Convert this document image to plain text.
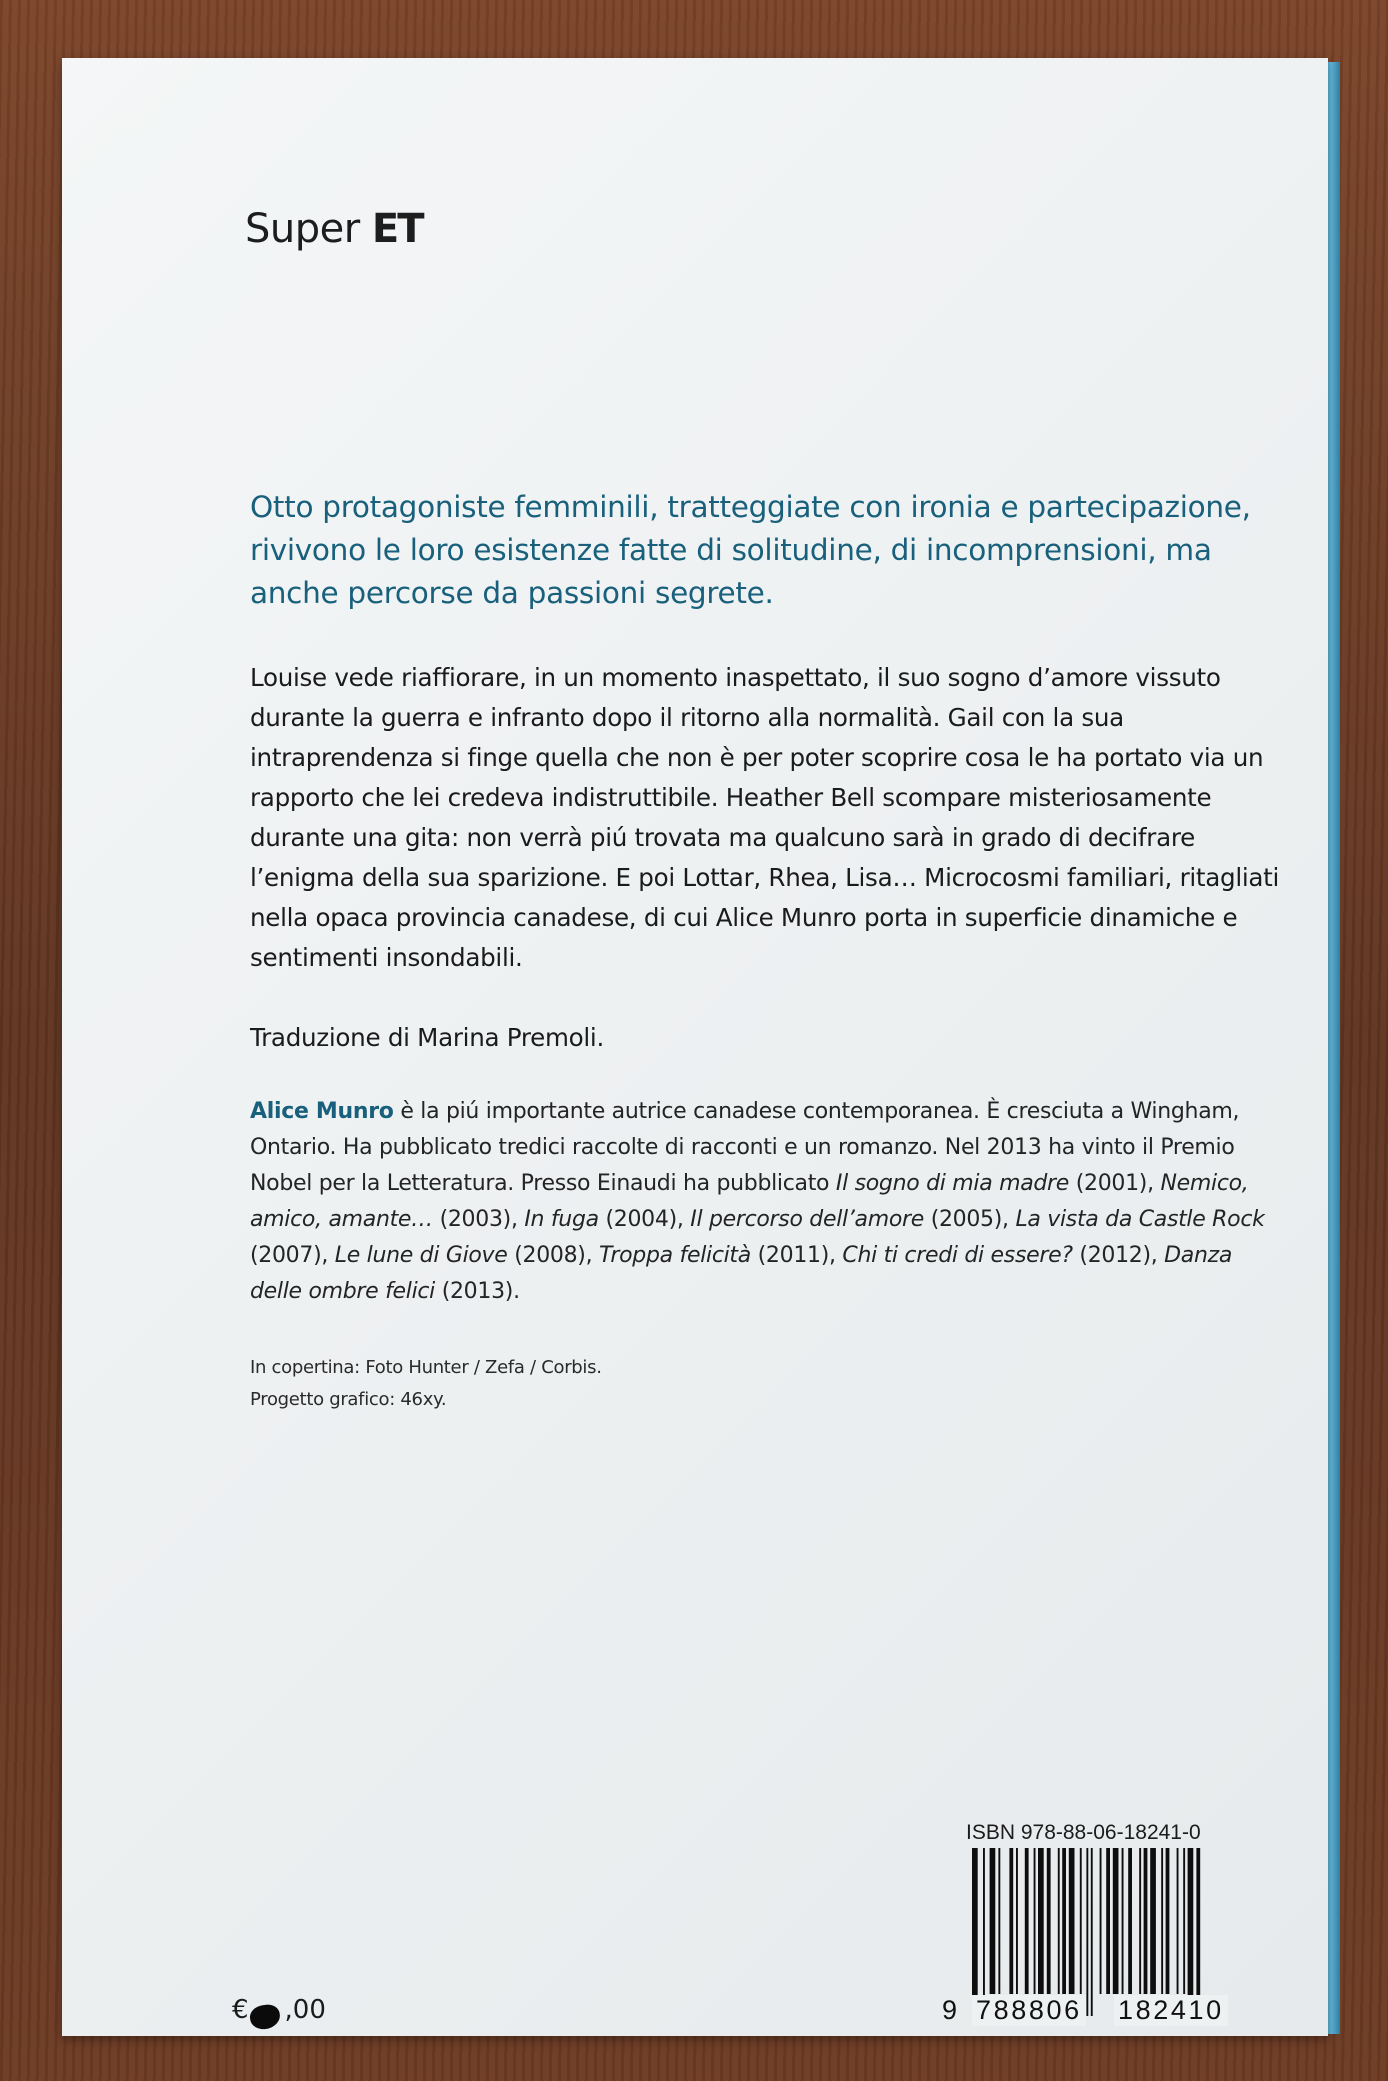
Super ET

Otto protagoniste femminili, tratteggiate con ironia e partecipazione, rivivono le loro esistenze fatte di solitudine, di incomprensioni, ma anche percorse da passioni segrete.

Louise vede riaffiorare, in un momento inaspettato, il suo sogno d’amore vissuto durante la guerra e infranto dopo il ritorno alla normalità. Gail con la sua intraprendenza si finge quella che non è per poter scoprire cosa le ha portato via un rapporto che lei credeva indistruttibile. Heather Bell scompare misteriosamente durante una gita: non verrà piú trovata ma qualcuno sarà in grado di decifrare l’enigma della sua sparizione. E poi Lottar, Rhea, Lisa… Microcosmi familiari, ritagliati nella opaca provincia canadese, di cui Alice Munro porta in superficie dinamiche e sentimenti insondabili.

Traduzione di Marina Premoli.

Alice Munro è la piú importante autrice canadese contemporanea. È cresciuta a Wingham, Ontario. Ha pubblicato tredici raccolte di racconti e un romanzo. Nel 2013 ha vinto il Premio Nobel per la Letteratura. Presso Einaudi ha pubblicato Il sogno di mia madre (2001), Nemico, amico, amante… (2003), In fuga (2004), Il percorso dell’amore (2005), La vista da Castle Rock (2007), Le lune di Giove (2008), Troppa felicità (2011), Chi ti credi di essere? (2012), Danza delle ombre felici (2013).

In copertina: Foto Hunter / Zefa / Corbis.
Progetto grafico: 46xy.

€ ,00
ISBN 978-88-06-18241-0
9 788806 182410
